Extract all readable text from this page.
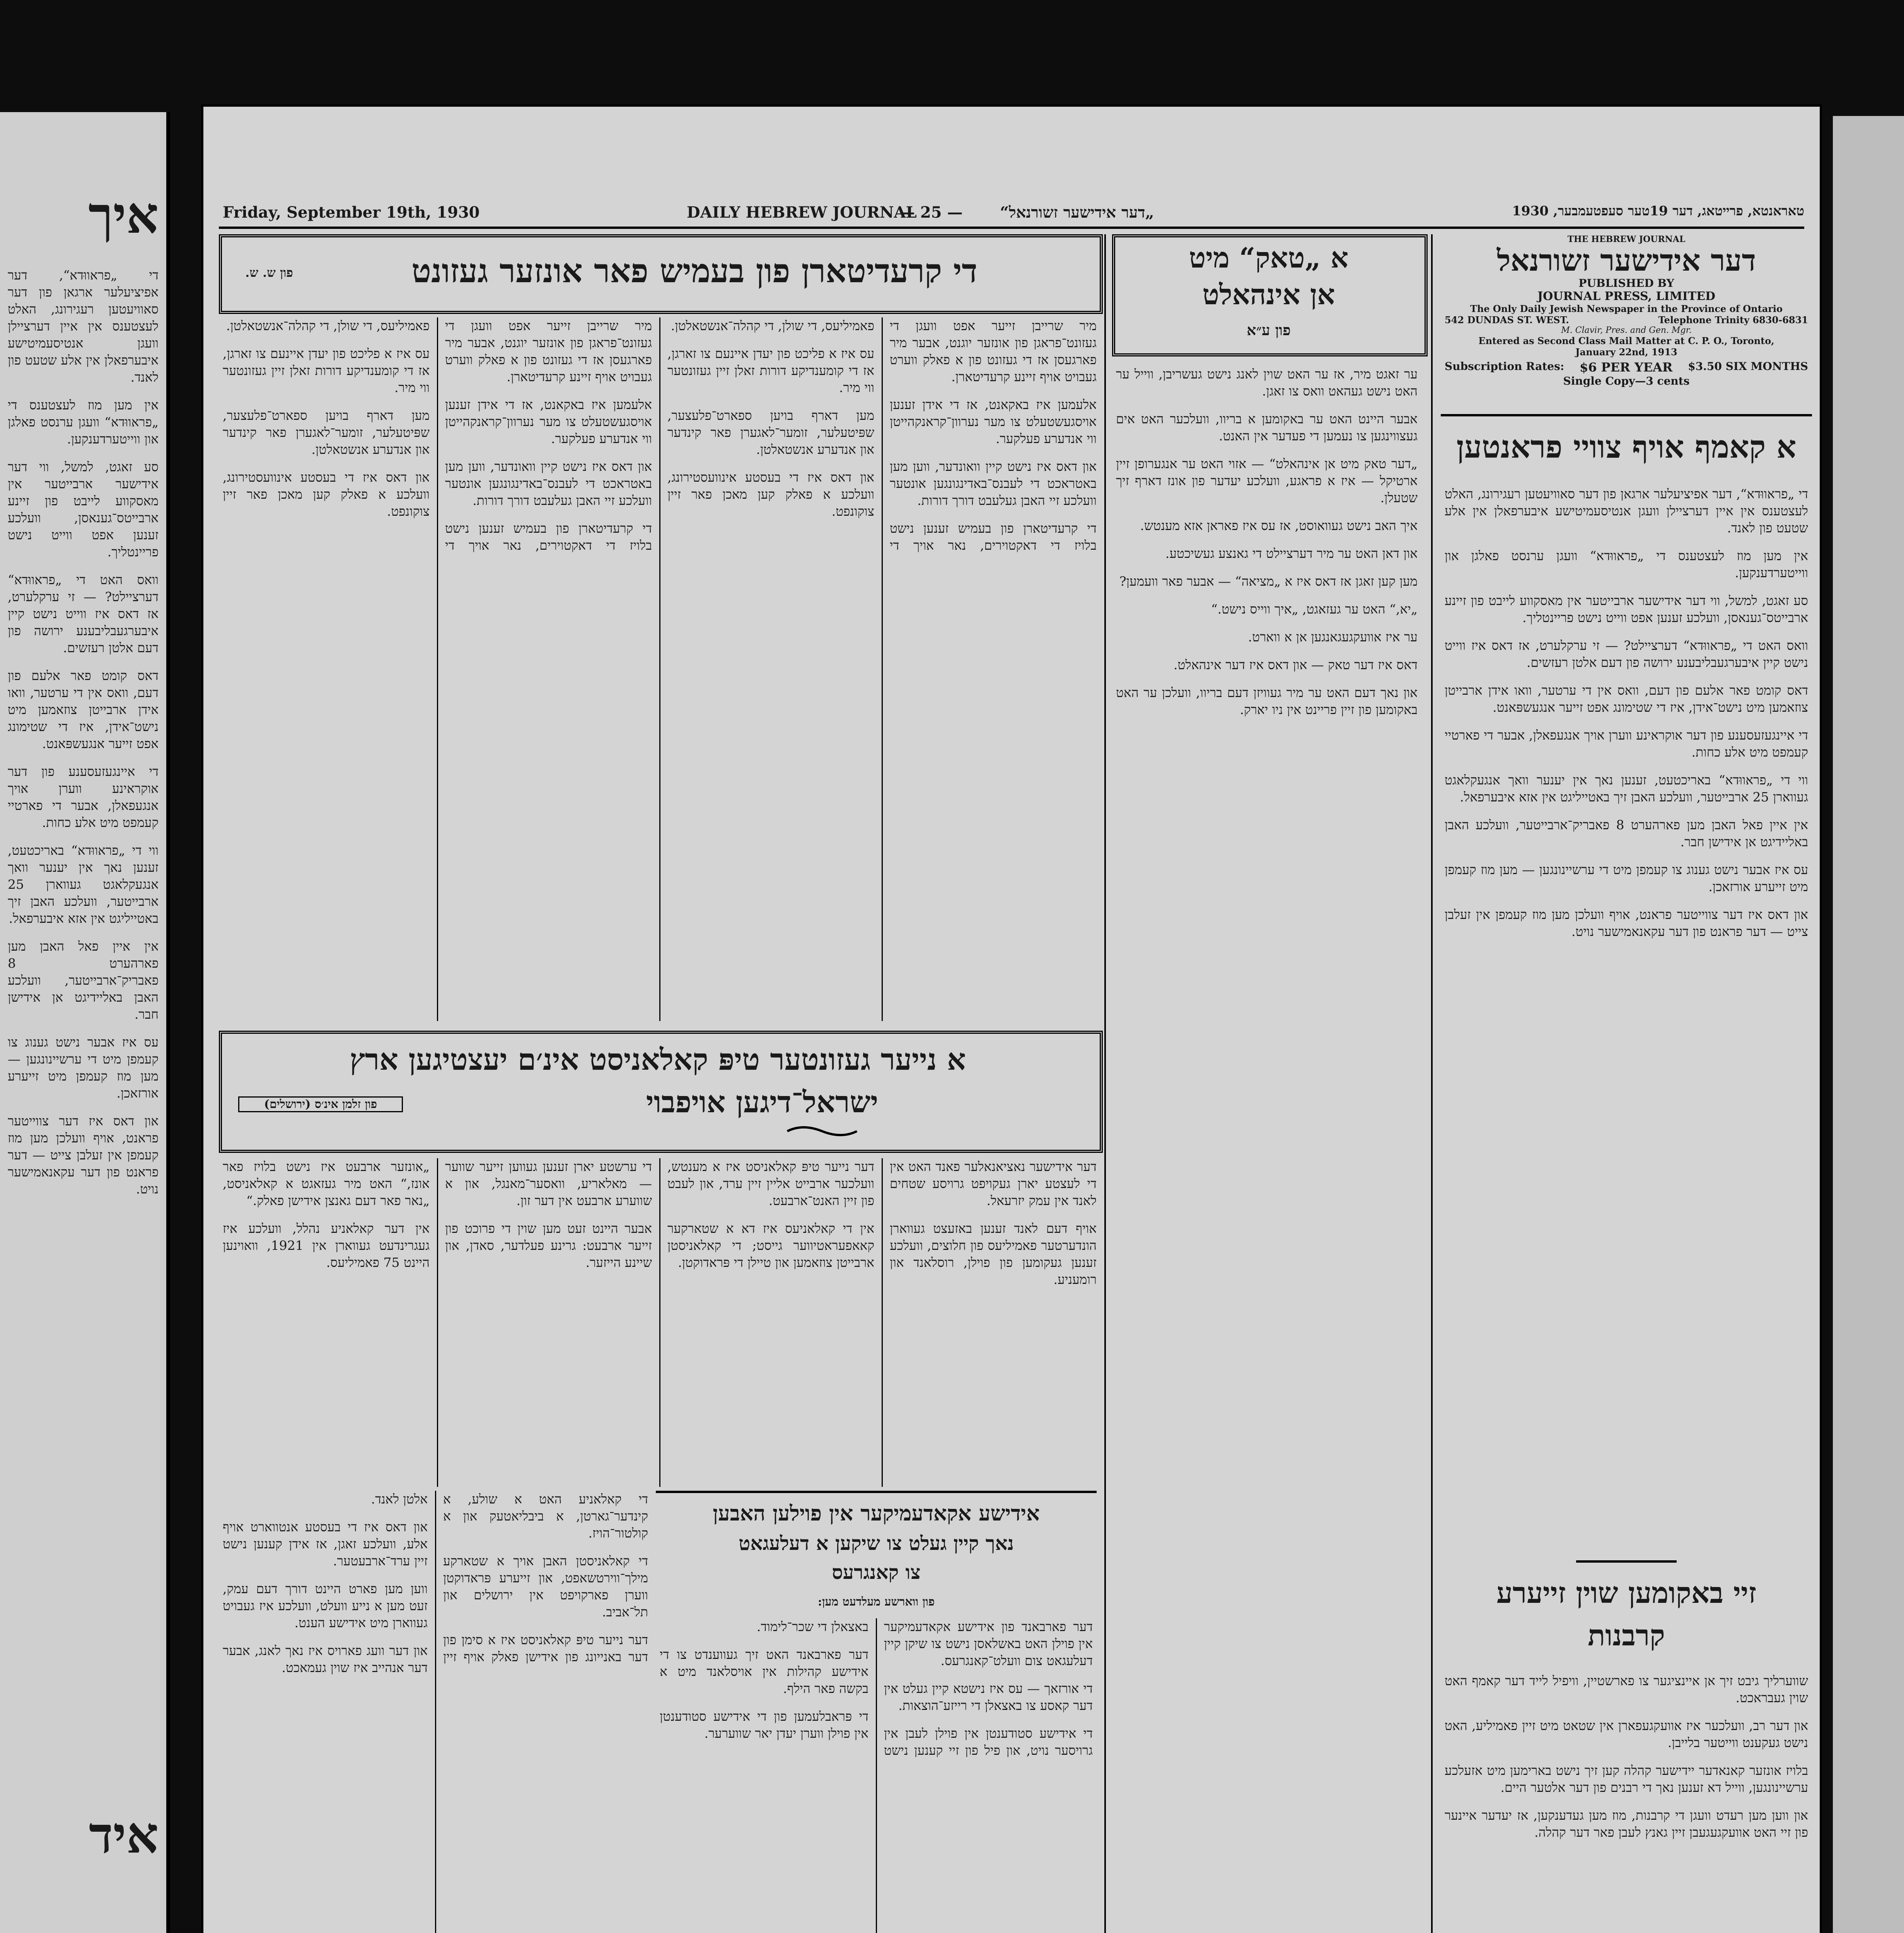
איך

די „פראווּדא“, דער אפיציעלער ארגאן פון דער סאוויעטען רעגירונג, האלט לעצטענס אין איין דערציילן וועגן אנטיסעמיטישע איבערפאלן אין אלע שטעט פון לאנד.

אין מען מוז לעצטענס די „פראווּדא“ וועגן ערנסט פאלגן און ווייטערדענקען.

סע זאגט, למשל, ווי דער אידישער ארבייטער אין מאסקווע לייבט פון זיינע ארבייטס־גענאסן, וועלכע זענען אפט ווייט נישט פריינטליך.

וואס האט די „פראווּדא“ דערציילט? — זי ערקלערט, אז דאס איז ווייט נישט קיין איבערגעבליבענע ירושה פון דעם אלטן רעזשים.

דאס קומט פאר אלעם פון דעם, וואס אין די ערטער, וואו אידן ארבייטן צוזאמען מיט נישט־אידן, איז די שטימונג אפט זייער אנגעשפּאנט.

די איינגעזעסענע פון דער אוקראינע ווערן אויך אנגעפאלן, אבער די פארטיי קעמפט מיט אלע כחות.

ווי די „פראווּדא“ באריכטעט, זענען נאך אין יענער וואך אנגעקלאגט געווארן 25 ארבייטער, וועלכע האבן זיך באטייליגט אין אזא איבערפאל.

אין איין פאל האבן מען פארהערט 8 פאבריק־ארבייטער, וועלכע האבן באליידיגט אן אידישן חבר.

עס איז אבער נישט גענוג צו קעמפן מיט די ערשיינונגען — מען מוז קעמפן מיט זייערע אורזאכן.

און דאס איז דער צווייטער פראנט, אויף וועלכן מען מוז קעמפן אין זעלבן צייט — דער פראנט פון דער עקאנאמישער נויט.

איד
Friday, September 19th, 1930	DAILY HEBREW JOURNAL
— 25 — „דער אידישער זשורנאל“	טאראנטא, פרייטאג, דער 19טער סעפטעמבער, 1930
THE HEBREW JOURNAL
דער אידישער זשורנאל
PUBLISHED BY
JOURNAL PRESS, LIMITED
The Only Daily Jewish Newspaper in the Province of Ontario
542 DUNDAS ST. WEST.	Telephone Trinity 6830-6831
M. Clavir, Pres. and Gen. Mgr.
Entered as Second Class Mail Matter at C. P. O., Toronto,
January 22nd, 1913
Subscription Rates: $6 PER YEAR $3.50 SIX MONTHS
Single Copy—3 cents
א קאמף אויף צוויי פראנטען

די „פראווּדא“, דער אפיציעלער ארגאן פון דער סאוויעטען רעגירונג, האלט לעצטענס אין איין דערציילן וועגן אנטיסעמיטישע איבערפאלן אין אלע שטעט פון לאנד.

אין מען מוז לעצטענס די „פראווּדא“ וועגן ערנסט פאלגן און ווייטערדענקען.

סע זאגט, למשל, ווי דער אידישער ארבייטער אין מאסקווע לייבט פון זיינע ארבייטס־גענאסן, וועלכע זענען אפט ווייט נישט פריינטליך.

וואס האט די „פראווּדא“ דערציילט? — זי ערקלערט, אז דאס איז ווייט נישט קיין איבערגעבליבענע ירושה פון דעם אלטן רעזשים.

דאס קומט פאר אלעם פון דעם, וואס אין די ערטער, וואו אידן ארבייטן צוזאמען מיט נישט־אידן, איז די שטימונג אפט זייער אנגעשפּאנט.

די איינגעזעסענע פון דער אוקראינע ווערן אויך אנגעפאלן, אבער די פארטיי קעמפט מיט אלע כחות.

ווי די „פראווּדא“ באריכטעט, זענען נאך אין יענער וואך אנגעקלאגט געווארן 25 ארבייטער, וועלכע האבן זיך באטייליגט אין אזא איבערפאל.

אין איין פאל האבן מען פארהערט 8 פאבריק־ארבייטער, וועלכע האבן באליידיגט אן אידישן חבר.

עס איז אבער נישט גענוג צו קעמפן מיט די ערשיינונגען — מען מוז קעמפן מיט זייערע אורזאכן.

און דאס איז דער צווייטער פראנט, אויף וועלכן מען מוז קעמפן אין זעלבן צייט — דער פראנט פון דער עקאנאמישער נויט.

זיי באקומען שוין זייערע קרבנות

שווערליך גיבט זיך אן איינציגער צו פארשטיין, וויפיל לייד דער קאמף האט שוין געבראכט.

און דער רב, וועלכער איז אוועקגעפארן אין שטאט מיט זיין פאמיליע, האט נישט געקענט ווייטער בלייבן.

בלויז אונזער קאנאדער יידישער קהלה קען זיך נישט בארימען מיט אזעלכע ערשיינונגען, ווייל דא זענען נאך די רבנים פון דער אלטער היים.

און ווען מען רעדט וועגן די קרבנות, מוז מען געדענקען, אז יעדער איינער פון זיי האט אוועקגעגעבן זיין גאנץ לעבן פאר דער קהלה.

א „טאק“ מיט
אן אינהאלט
פון ע״א

ער זאגט מיר, אז ער האט שוין לאנג נישט געשריבן, ווייל ער האט נישט געהאט וואס צו זאגן.

אבער היינט האט ער באקומען א בריוו, וועלכער האט אים געצווינגען צו נעמען די פעדער אין האנט.

„דער טאק מיט אן אינהאלט“ — אזוי האט ער אנגערופן זיין ארטיקל — איז א פראגע, וועלכע יעדער פון אונז דארף זיך שטעלן.

איך האב נישט געוואוסט, אז עס איז פאראן אזא מענטש.

און דאן האט ער מיר דערציילט די גאנצע געשיכטע.

מען קען זאגן אז דאס איז א „מציאה“ — אבער פאר וועמען?

„יא,“ האט ער געזאגט, „איך ווייס נישט.“

ער איז אוועקגעגאנגען אן א ווארט.

דאס איז דער טאק — און דאס איז דער אינהאלט.

און נאך דעם האט ער מיר געוויזן דעם בריוו, וועלכן ער האט באקומען פון זיין פריינט אין ניו יארק.

די קרעדיטארן פון בעמיש פאר אונזער געזונט
פון ש. ש.

מיר שרייבן זייער אפט וועגן די געזונט־פראגן פון אונזער יוגנט, אבער מיר פארגעסן אז די געזונט פון א פאלק ווערט געבויט אויף זיינע קרעדיטארן.

אלעמען איז באקאנט, אז די אידן זענען אויסגעשטעלט צו מער נערוון־קראנקהייטן ווי אנדערע פעלקער.

און דאס איז נישט קיין וואונדער, ווען מען באטראכט די לעבנס־באדינגונגען אונטער וועלכע זיי האבן געלעבט דורך דורות.

די קרעדיטארן פון בעמיש זענען נישט בלויז די דאקטוירים, נאר אויך די פאמיליעס, די שולן, די קהלה־אנשטאלטן.

עס איז א פליכט פון יעדן איינעם צו זארגן, אז די קומענדיקע דורות זאלן זיין געזונטער ווי מיר.

מען דארף בויען ספארט־פלעצער, שפּיטעלער, זומער־לאגערן פאר קינדער און אנדערע אנשטאלטן.

און דאס איז די בעסטע אינוועסטירונג, וועלכע א פאלק קען מאכן פאר זיין צוקונפט.

מיר שרייבן זייער אפט וועגן די געזונט־פראגן פון אונזער יוגנט, אבער מיר פארגעסן אז די געזונט פון א פאלק ווערט געבויט אויף זיינע קרעדיטארן.

אלעמען איז באקאנט, אז די אידן זענען אויסגעשטעלט צו מער נערוון־קראנקהייטן ווי אנדערע פעלקער.

און דאס איז נישט קיין וואונדער, ווען מען באטראכט די לעבנס־באדינגונגען אונטער וועלכע זיי האבן געלעבט דורך דורות.

די קרעדיטארן פון בעמיש זענען נישט בלויז די דאקטוירים, נאר אויך די פאמיליעס, די שולן, די קהלה־אנשטאלטן.

עס איז א פליכט פון יעדן איינעם צו זארגן, אז די קומענדיקע דורות זאלן זיין געזונטער ווי מיר.

מען דארף בויען ספארט־פלעצער, שפּיטעלער, זומער־לאגערן פאר קינדער און אנדערע אנשטאלטן.

און דאס איז די בעסטע אינוועסטירונג, וועלכע א פאלק קען מאכן פאר זיין צוקונפט.

א נייער געזונטער טיפּ קאלאניסט אינ׳ם יעצטיגען ארץ
ישראל־דיגען אויפבוי
פון זלמן אינ׳ס (ירושלים)

דער אידישער נאציאנאלער פאנד האט אין די לעצטע יארן געקויפט גרויסע שטחים לאנד אין עמק יזרעאל.

אויף דעם לאנד זענען באזעצט געווארן הונדערטער פאמיליעס פון חלוצים, וועלכע זענען געקומען פון פוילן, רוסלאנד און רומעניע.

דער נייער טיפּ קאלאניסט איז א מענטש, וועלכער ארבייט אליין זיין ערד, און לעבט פון זיין האנט־ארבעט.

אין די קאלאניעס איז דא א שטארקער קאאפעראטיווער גייסט; די קאלאניסטן ארבייטן צוזאמען און טיילן די פּראדוקטן.

די ערשטע יארן זענען געווען זייער שווער — מאלאריע, וואסער־מאנגל, און א שווערע ארבעט אין דער זון.

אבער היינט זעט מען שוין די פרוכט פון זייער ארבעט: גרינע פעלדער, סאדן, און שיינע הייזער.

„אונזער ארבעט איז נישט בלויז פאר אונז,“ האט מיר געזאגט א קאלאניסט, „נאר פאר דעם גאנצן אידישן פאלק.“

אין דער קאלאניע נהלל, וועלכע איז געגרינדעט געווארן אין 1921, וואוינען היינט 75 פאמיליעס.

די קאלאניע האט א שולע, א קינדער־גארטן, א ביבליאטעק און א קולטור־הויז.

די קאלאניסטן האבן אויך א שטארקע מילך־ווירטשאפט, און זייערע פּראדוקטן ווערן פארקויפט אין ירושלים און תל־אביב.

דער נייער טיפּ קאלאניסט איז א סימן פון דער באנייונג פון אידישן פאלק אויף זיין אלטן לאנד.

און דאס איז די בעסטע אנטווארט אויף אלע, וועלכע זאגן, אז אידן קענען נישט זיין ערד־ארבעטער.

ווען מען פארט היינט דורך דעם עמק, זעט מען א נייע וועלט, וועלכע איז געבויט געווארן מיט אידישע הענט.

און דער וועג פארויס איז נאך לאנג, אבער דער אנהייב איז שוין געמאכט.

אידישע אקאדעמיקער אין פוילען האבען
נאך קיין געלט צו שיקען א דעלעגאט
צו קאנגרעס
פון ווארשע מעלדעט מען:

דער פארבאנד פון אידישע אקאדעמיקער אין פוילן האט באשלאסן נישט צו שיקן קיין דעלעגאט צום וועלט־קאנגרעס.

די אורזאך — עס איז נישטא קיין געלט אין דער קאסע צו באצאלן די רייזע־הוצאות.

די אידישע סטודענטן אין פוילן לעבן אין גרויסער נויט, און פיל פון זיי קענען נישט באצאלן די שכר־לימוד.

דער פארבאנד האט זיך געווענדט צו די אידישע קהילות אין אויסלאנד מיט א בקשה פאר הילף.

די פּראבלעמען פון די אידישע סטודענטן אין פוילן ווערן יעדן יאר שווערער.
